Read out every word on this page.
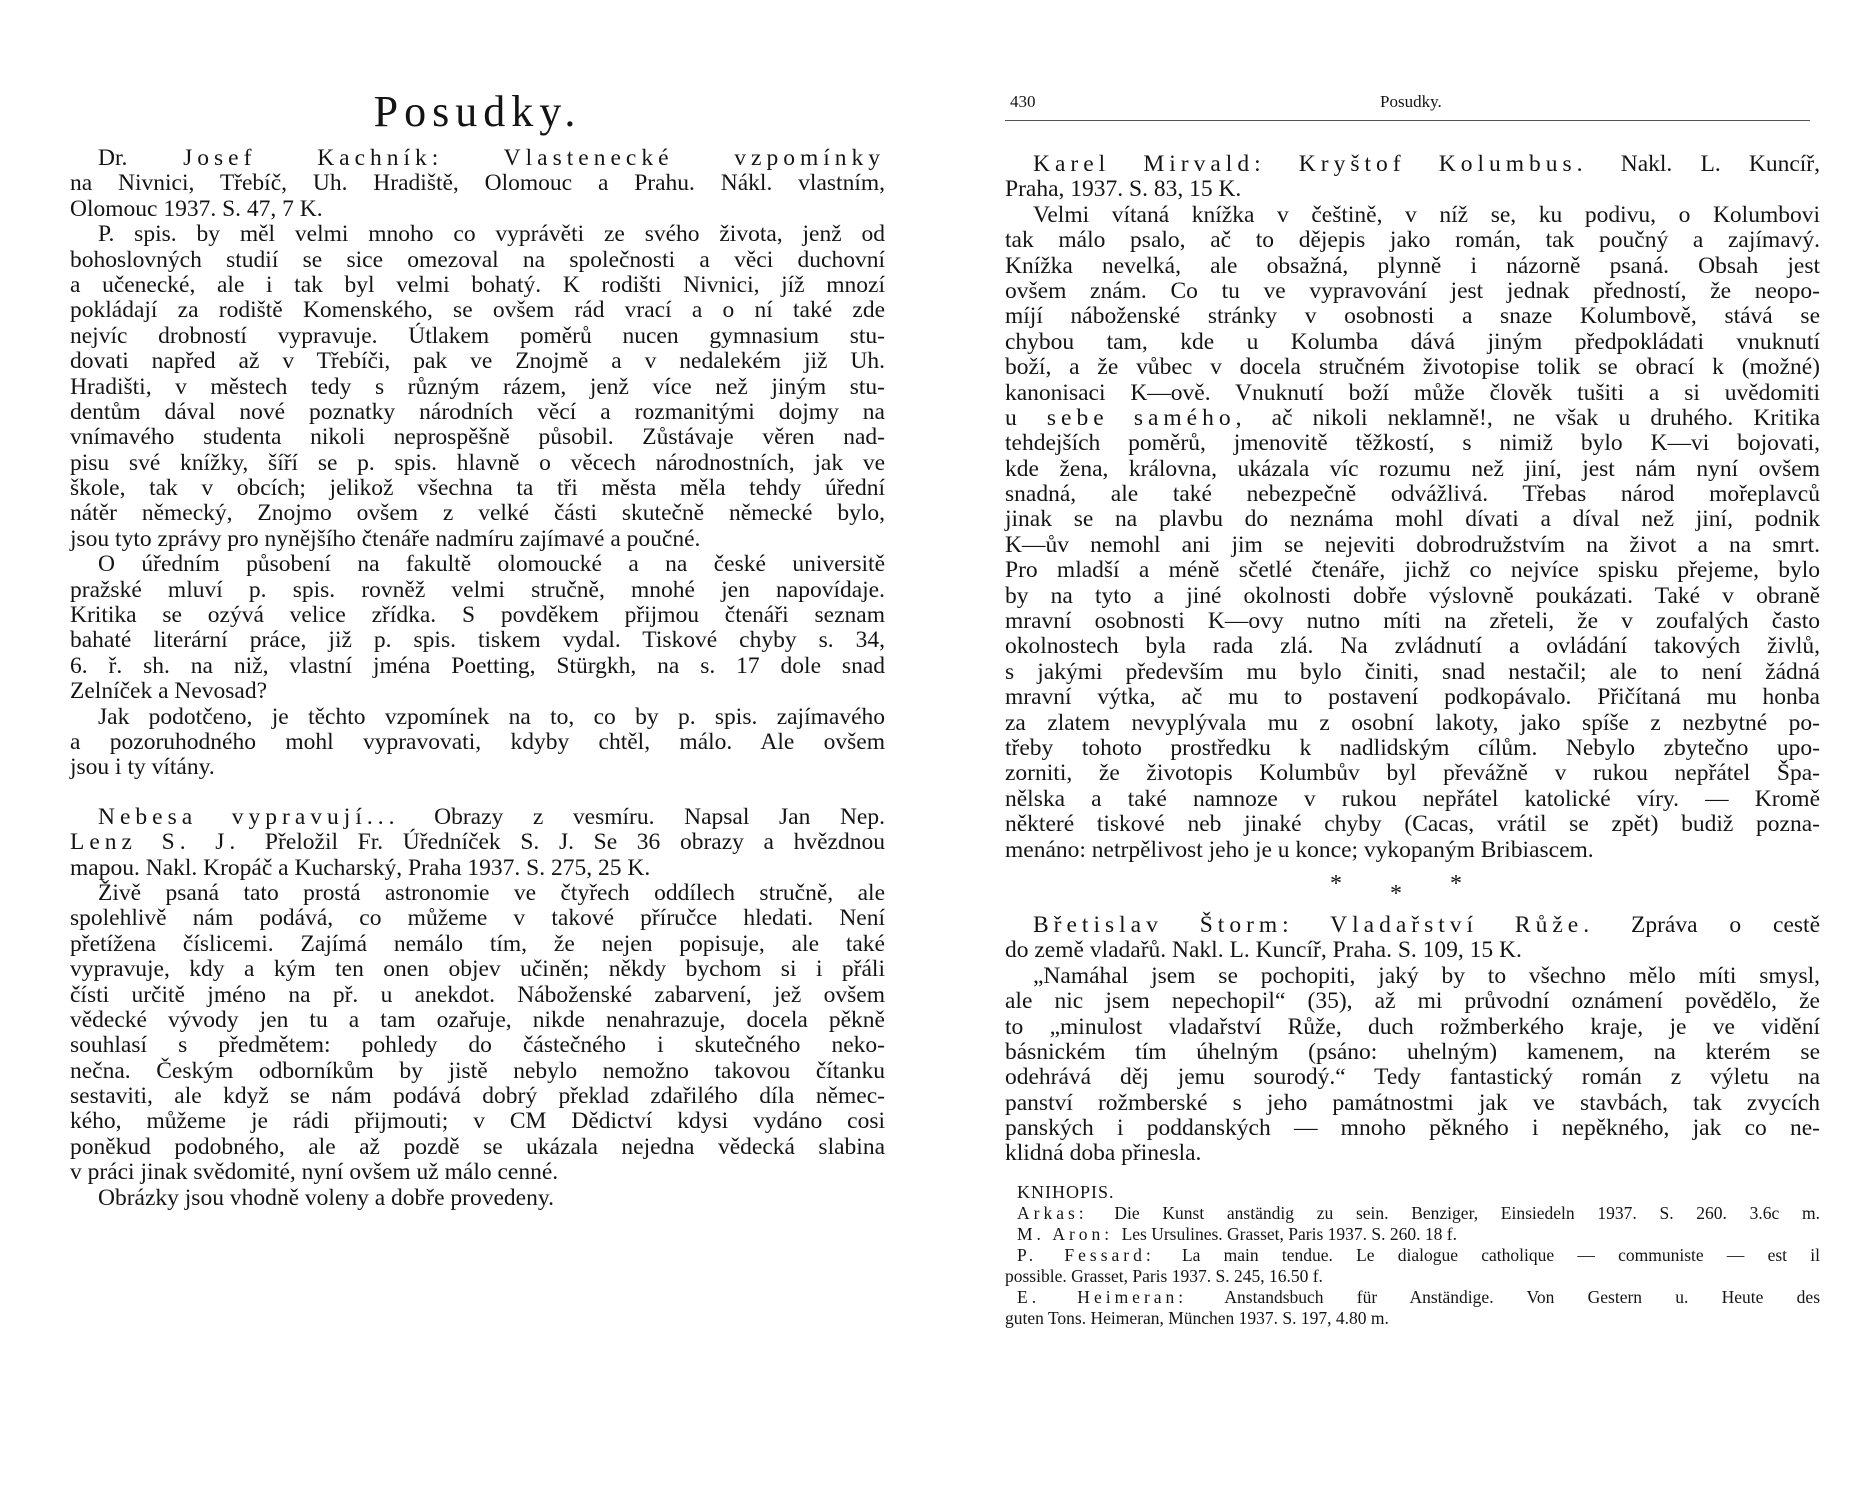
Posudky.
Dr. Josef Kachník: Vlastenecké vzpomínky
na Nivnici, Třebíč, Uh. Hradiště, Olomouc a Prahu. Nákl. vlastním,
Olomouc 1937. S. 47, 7 K.
P. spis. by měl velmi mnoho co vyprávěti ze svého života, jenž od
bohoslovných studií se sice omezoval na společnosti a věci duchovní
a učenecké, ale i tak byl velmi bohatý. K rodišti Nivnici, jíž mnozí
pokládají za rodiště Komenského, se ovšem rád vrací a o ní také zde
nejvíc drobností vypravuje. Útlakem poměrů nucen gymnasium stu-
dovati napřed až v Třebíči, pak ve Znojmě a v nedalekém již Uh.
Hradišti, v městech tedy s různým rázem, jenž více než jiným stu-
dentům dával nové poznatky národních věcí a rozmanitými dojmy na
vnímavého studenta nikoli neprospěšně působil. Zůstávaje věren nad-
pisu své knížky, šíří se p. spis. hlavně o věcech národnostních, jak ve
škole, tak v obcích; jelikož všechna ta tři města měla tehdy úřední
nátěr německý, Znojmo ovšem z velké části skutečně německé bylo,
jsou tyto zprávy pro nynějšího čtenáře nadmíru zajímavé a poučné.
O úředním působení na fakultě olomoucké a na české universitě
pražské mluví p. spis. rovněž velmi stručně, mnohé jen napovídaje.
Kritika se ozývá velice zřídka. S povděkem přijmou čtenáři seznam
bahaté literární práce, již p. spis. tiskem vydal. Tiskové chyby s. 34,
6. ř. sh. na niž, vlastní jména Poetting, Stürgkh, na s. 17 dole snad
Zelníček a Nevosad?
Jak podotčeno, je těchto vzpomínek na to, co by p. spis. zajímavého
a pozoruhodného mohl vypravovati, kdyby chtěl, málo. Ale ovšem
jsou i ty vítány.
Nebesa vypravují... Obrazy z vesmíru. Napsal Jan Nep.
Lenz S. J. Přeložil Fr. Úředníček S. J. Se 36 obrazy a hvězdnou
mapou. Nakl. Kropáč a Kucharský, Praha 1937. S. 275, 25 K.
Živě psaná tato prostá astronomie ve čtyřech oddílech stručně, ale
spolehlivě nám podává, co můžeme v takové příručce hledati. Není
přetížena číslicemi. Zajímá nemálo tím, že nejen popisuje, ale také
vypravuje, kdy a kým ten onen objev učiněn; někdy bychom si i přáli
čísti určitě jméno na př. u anekdot. Náboženské zabarvení, jež ovšem
vědecké vývody jen tu a tam ozařuje, nikde nenahrazuje, docela pěkně
souhlasí s předmětem: pohledy do částečného i skutečného neko-
nečna. Českým odborníkům by jistě nebylo nemožno takovou čítanku
sestaviti, ale když se nám podává dobrý překlad zdařilého díla němec-
kého, můžeme je rádi přijmouti; v CM Dědictví kdysi vydáno cosi
poněkud podobného, ale až pozdě se ukázala nejedna vědecká slabina
v práci jinak svědomité, nyní ovšem už málo cenné.
Obrázky jsou vhodně voleny a dobře provedeny.
430	Posudky.
Karel Mirvald: Kryštof Kolumbus. Nakl. L. Kuncíř,
Praha, 1937. S. 83, 15 K.
Velmi vítaná knížka v češtině, v níž se, ku podivu, o Kolumbovi
tak málo psalo, ač to dějepis jako román, tak poučný a zajímavý.
Knížka nevelká, ale obsažná, plynně i názorně psaná. Obsah jest
ovšem znám. Co tu ve vypravování jest jednak předností, že neopo-
míjí náboženské stránky v osobnosti a snaze Kolumbově, stává se
chybou tam, kde u Kolumba dává jiným předpokládati vnuknutí
boží, a že vůbec v docela stručném životopise tolik se obrací k (možné)
kanonisaci K—ově. Vnuknutí boží může člověk tušiti a si uvědomiti
u sebe samého, ač nikoli neklamně!, ne však u druhého. Kritika
tehdejších poměrů, jmenovitě těžkostí, s nimiž bylo K—vi bojovati,
kde žena, královna, ukázala víc rozumu než jiní, jest nám nyní ovšem
snadná, ale také nebezpečně odvážlivá. Třebas národ mořeplavců
jinak se na plavbu do neznáma mohl dívati a díval než jiní, podnik
K—ův nemohl ani jim se nejeviti dobrodružstvím na život a na smrt.
Pro mladší a méně sčetlé čtenáře, jichž co nejvíce spisku přejeme, bylo
by na tyto a jiné okolnosti dobře výslovně poukázati. Také v obraně
mravní osobnosti K—ovy nutno míti na zřeteli, že v zoufalých často
okolnostech byla rada zlá. Na zvládnutí a ovládání takových živlů,
s jakými především mu bylo činiti, snad nestačil; ale to není žádná
mravní výtka, ač mu to postavení podkopávalo. Přičítaná mu honba
za zlatem nevyplývala mu z osobní lakoty, jako spíše z nezbytné po-
třeby tohoto prostředku k nadlidským cílům. Nebylo zbytečno upo-
zorniti, že životopis Kolumbův byl převážně v rukou nepřátel Špa-
nělska a také namnoze v rukou nepřátel katolické víry. — Kromě
některé tiskové neb jinaké chyby (Cacas, vrátil se zpět) budiž pozna-
menáno: netrpělivost jeho je u konce; vykopaným Bribiascem.
* * *
Břetislav Štorm: Vladařství Růže. Zpráva o cestě
do země vladařů. Nakl. L. Kuncíř, Praha. S. 109, 15 K.
„Namáhal jsem se pochopiti, jaký by to všechno mělo míti smysl,
ale nic jsem nepechopil“ (35), až mi průvodní oznámení povědělo, že
to „minulost vladařství Růže, duch rožmberkého kraje, je ve vidění
básnickém tím úhelným (psáno: uhelným) kamenem, na kterém se
odehrává děj jemu sourodý.“ Tedy fantastický román z výletu na
panství rožmberské s jeho památnostmi jak ve stavbách, tak zvycích
panských i poddanských — mnoho pěkného i nepěkného, jak co ne-
klidná doba přinesla.
KNIHOPIS.
Arkas: Die Kunst anständig zu sein. Benziger, Einsiedeln 1937. S. 260. 3.6c m.
M. Aron: Les Ursulines. Grasset, Paris 1937. S. 260. 18 f.
P. Fessard: La main tendue. Le dialogue catholique — communiste — est il
possible. Grasset, Paris 1937. S. 245, 16.50 f.
E. Heimeran: Anstandsbuch für Anständige. Von Gestern u. Heute des
guten Tons. Heimeran, München 1937. S. 197, 4.80 m.
